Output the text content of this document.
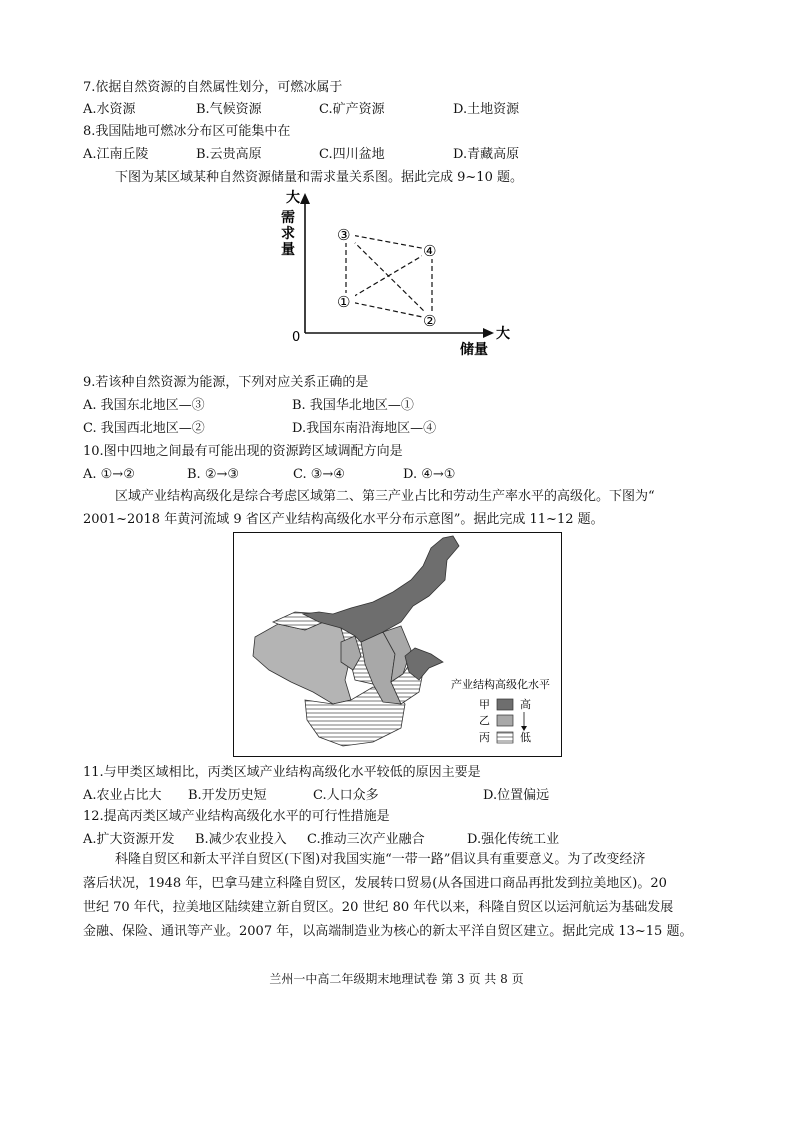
7.依据自然资源的自然属性划分，可燃冰属于
A.水资源	B.气候资源	C.矿产资源	D.土地资源
8.我国陆地可燃冰分布区可能集中在
A.江南丘陵	B.云贵高原	C.四川盆地	D.青藏高原
下图为某区域某种自然资源储量和需求量关系图。据此完成 9~10 题。
大
需
求
量
0	大
储量
①
②
③
④
9.若该种自然资源为能源，下列对应关系正确的是
A. 我国东北地区—③	B. 我国华北地区—①
C. 我国西北地区—②	D.我国东南沿海地区—④
10.图中四地之间最有可能出现的资源跨区域调配方向是
A. ①→②	B. ②→③	C. ③→④	D. ④→①
区域产业结构高级化是综合考虑区域第二、第三产业占比和劳动生产率水平的高级化。下图为“
2001~2018 年黄河流域 9 省区产业结构高级化水平分布示意图”。据此完成 11~12 题。
产业结构高级化水平
甲	高
乙
丙	低
11.与甲类区域相比，丙类区域产业结构高级化水平较低的原因主要是
A.农业占比大 B.开发历史短	C.人口众多	D.位置偏远
12.提高丙类区域产业结构高级化水平的可行性措施是
A.扩大资源开发 B.减少农业投入 C.推动三次产业融合	D.强化传统工业
科隆自贸区和新太平洋自贸区(下图)对我国实施“一带一路”倡议具有重要意义。为了改变经济
落后状况，1948 年，巴拿马建立科隆自贸区，发展转口贸易(从各国进口商品再批发到拉美地区)。20
世纪 70 年代，拉美地区陆续建立新自贸区。20 世纪 80 年代以来，科隆自贸区以运河航运为基础发展
金融、保险、通讯等产业。2007 年，以高端制造业为核心的新太平洋自贸区建立。据此完成 13~15 题。
兰州一中高二年级期末地理试卷 第 3 页 共 8 页
